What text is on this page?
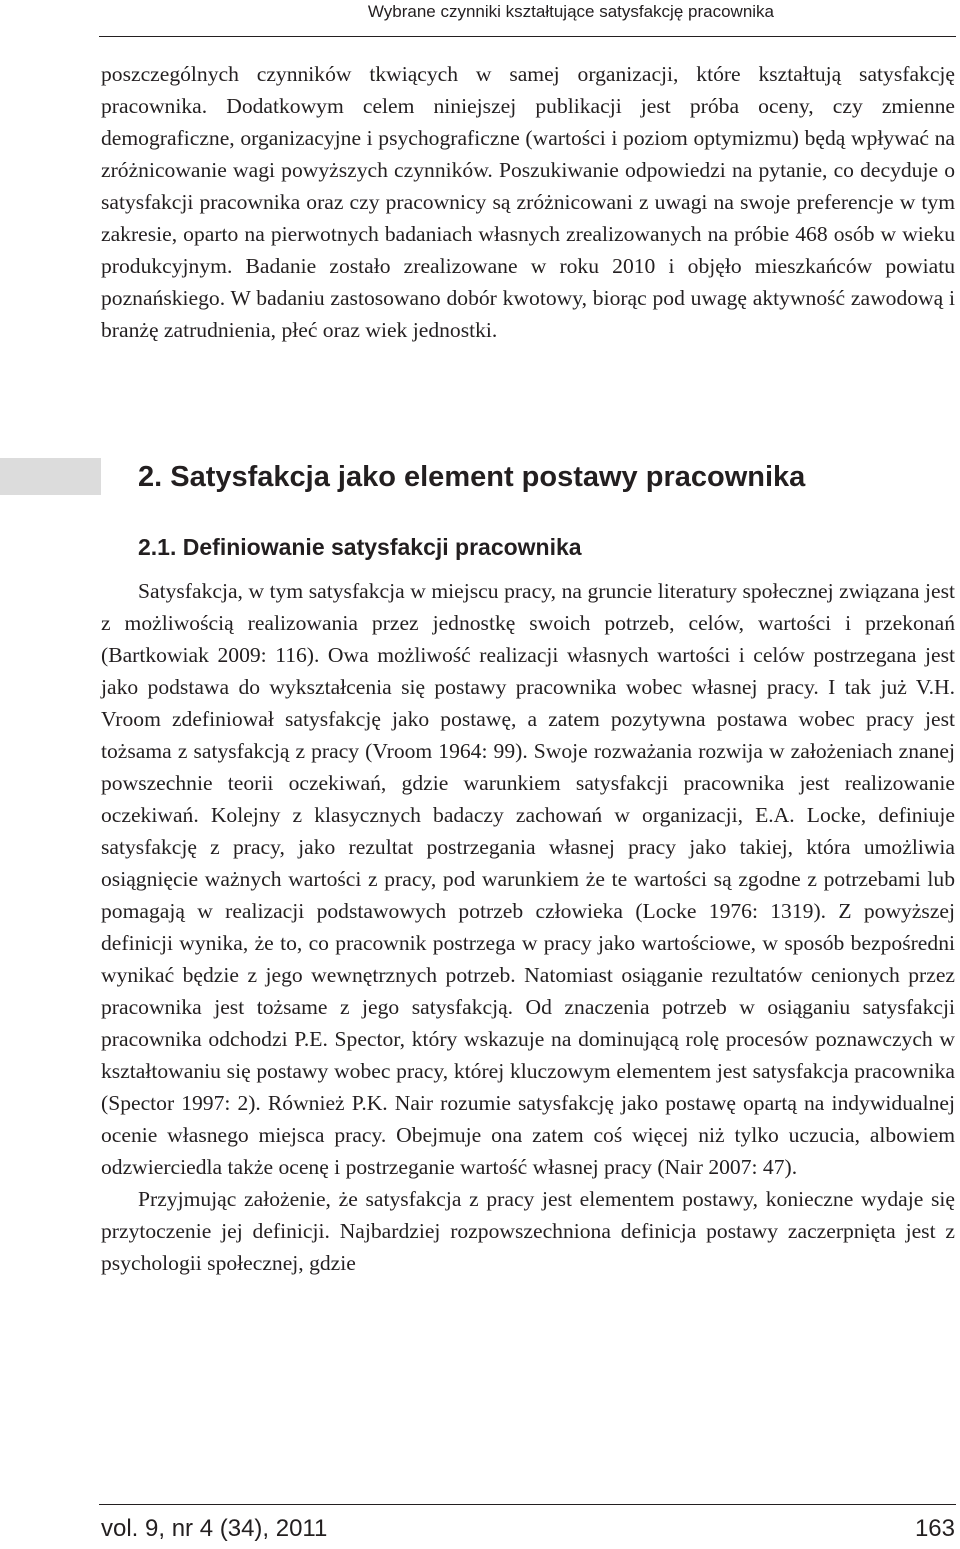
Wybrane czynniki kształtujące satysfakcję pracownika

poszczególnych czynników tkwiących w samej organizacji, które kształtują satysfakcję pracownika. Dodatkowym celem niniejszej publikacji jest próba oceny, czy zmienne demograficzne, organizacyjne i psychograficzne (wartości i poziom optymizmu) będą wpływać na zróżnicowanie wagi powyższych czynników. Poszukiwanie odpowiedzi na pytanie, co decyduje o satysfakcji pracownika oraz czy pracownicy są zróżnicowani z uwagi na swoje preferencje w tym zakresie, oparto na pierwotnych badaniach własnych zrealizowanych na próbie 468 osób w wieku produkcyjnym. Badanie zostało zrealizowane w roku 2010 i objęło mieszkańców powiatu poznańskiego. W badaniu zastosowano dobór kwotowy, biorąc pod uwagę aktywność zawodową i branżę zatrudnienia, płeć oraz wiek jednostki.

2. Satysfakcja jako element postawy pracownika
2.1. Definiowanie satysfakcji pracownika

Satysfakcja, w tym satysfakcja w miejscu pracy, na gruncie literatury społecznej związana jest z możliwością realizowania przez jednostkę swoich potrzeb, celów, wartości i przekonań (Bartkowiak 2009: 116). Owa możliwość realizacji własnych wartości i celów postrzegana jest jako podstawa do wykształcenia się postawy pracownika wobec własnej pracy. I tak już V.H. Vroom zdefiniował satysfakcję jako postawę, a zatem pozytywna postawa wobec pracy jest tożsama z satysfakcją z pracy (Vroom 1964: 99). Swoje rozważania rozwija w założeniach znanej powszechnie teorii oczekiwań, gdzie warunkiem satysfakcji pracownika jest realizowanie oczekiwań. Kolejny z klasycznych badaczy zachowań w organizacji, E.A. Locke, definiuje satysfakcję z pracy, jako rezultat postrzegania własnej pracy jako takiej, która umożliwia osiągnięcie ważnych wartości z pracy, pod warunkiem że te wartości są zgodne z potrzebami lub pomagają w realizacji podstawowych potrzeb człowieka (Locke 1976: 1319). Z powyższej definicji wynika, że to, co pracownik postrzega w pracy jako wartościowe, w sposób bezpośredni wynikać będzie z jego wewnętrznych potrzeb. Natomiast osiąganie rezultatów cenionych przez pracownika jest tożsame z jego satysfakcją. Od znaczenia potrzeb w osiąganiu satysfakcji pracownika odchodzi P.E. Spector, który wskazuje na dominującą rolę procesów poznawczych w kształtowaniu się postawy wobec pracy, której kluczowym elementem jest satysfakcja pracownika (Spector 1997: 2). Również P.K. Nair rozumie satysfakcję jako postawę opartą na indywidualnej ocenie własnego miejsca pracy. Obejmuje ona zatem coś więcej niż tylko uczucia, albowiem odzwierciedla także ocenę i postrzeganie wartość własnej pracy (Nair 2007: 47).

Przyjmując założenie, że satysfakcja z pracy jest elementem postawy, konieczne wydaje się przytoczenie jej definicji. Najbardziej rozpowszechniona definicja postawy zaczerpnięta jest z psychologii społecznej, gdzie

vol. 9, nr 4 (34), 2011	163
